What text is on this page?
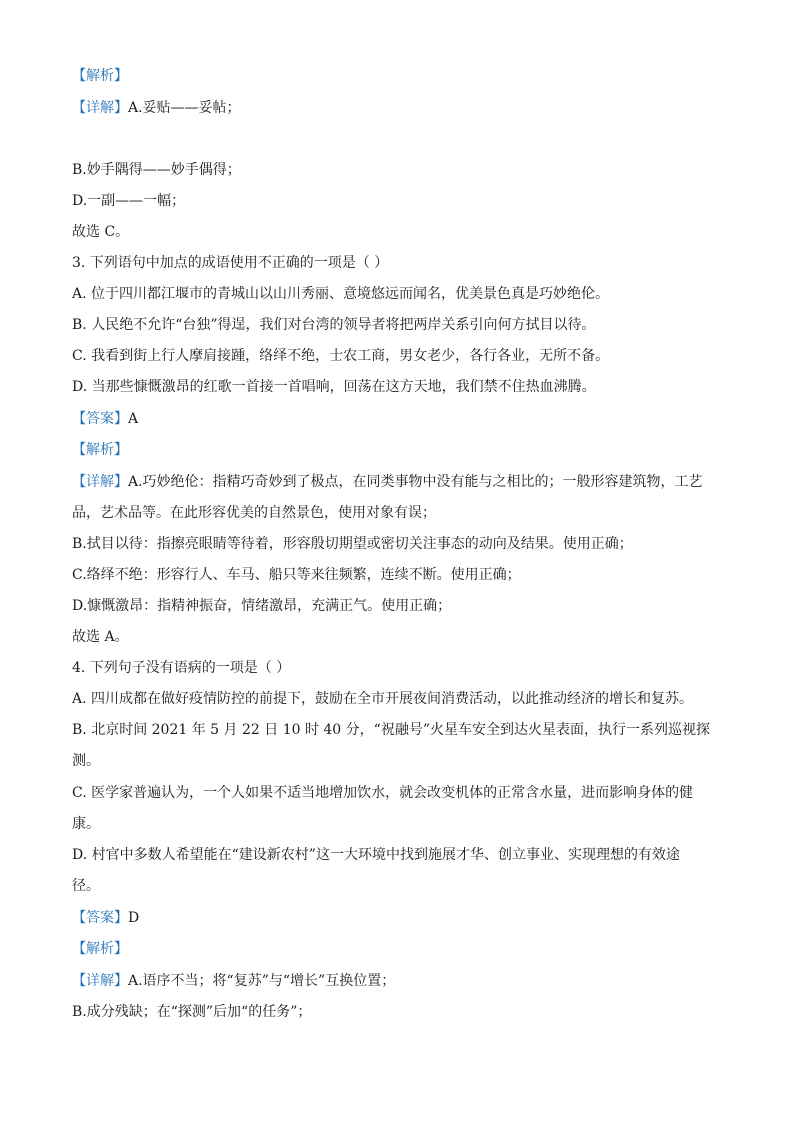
【解析】
【详解】A.妥贴——妥帖；
B.妙手隅得——妙手偶得；
D.一副——一幅；
故选 C。
3. 下列语句中加点的成语使用不正确的一项是（ ）
A. 位于四川都江堰市的青城山以山川秀丽、意境悠远而闻名，优美景色真是巧妙绝伦。
B. 人民绝不允许“台独”得逞，我们对台湾的领导者将把两岸关系引向何方拭目以待。
C. 我看到街上行人摩肩接踵，络绎不绝，士农工商，男女老少，各行各业，无所不备。
D. 当那些慷慨激昂的红歌一首接一首唱响，回荡在这方天地，我们禁不住热血沸腾。
【答案】A
【解析】
【详解】A.巧妙绝伦：指精巧奇妙到了极点，在同类事物中没有能与之相比的；一般形容建筑物，工艺
品，艺术品等。在此形容优美的自然景色，使用对象有误；
B.拭目以待：指擦亮眼睛等待着，形容殷切期望或密切关注事态的动向及结果。使用正确；
C.络绎不绝：形容行人、车马、船只等来往频繁，连续不断。使用正确；
D.慷慨激昂：指精神振奋，情绪激昂，充满正气。使用正确；
故选 A。
4. 下列句子没有语病的一项是（ ）
A. 四川成都在做好疫情防控的前提下，鼓励在全市开展夜间消费活动，以此推动经济的增长和复苏。
B. 北京时间 2021 年 5 月 22 日 10 时 40 分，“祝融号”火星车安全到达火星表面，执行一系列巡视探
测。
C. 医学家普遍认为，一个人如果不适当地增加饮水，就会改变机体的正常含水量，进而影响身体的健
康。
D. 村官中多数人希望能在“建设新农村”这一大环境中找到施展才华、创立事业、实现理想的有效途
径。
【答案】D
【解析】
【详解】A.语序不当；将“复苏”与“增长”互换位置；
B.成分残缺；在“探测”后加“的任务”；
